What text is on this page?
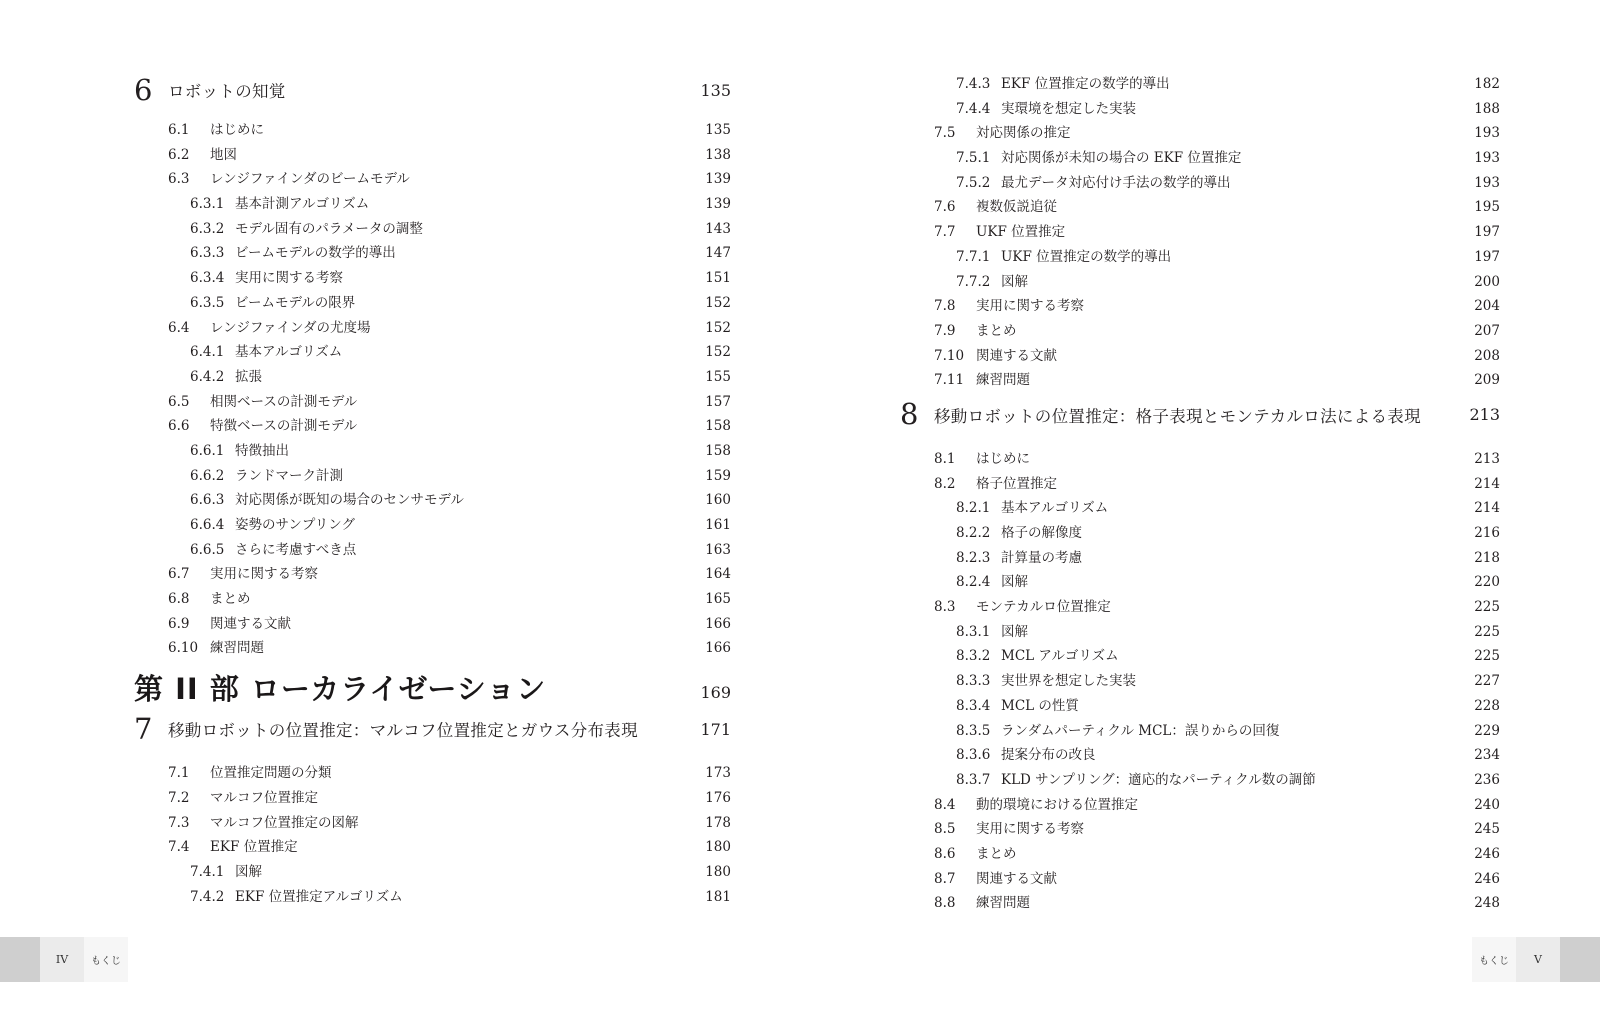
6 ロボットの知覚	135
6.1	はじめに	135
6.2	地図	138
6.3	レンジファインダのビームモデル	139
6.3.1 基本計測アルゴリズム	139
6.3.2 モデル固有のパラメータの調整	143
6.3.3 ビームモデルの数学的導出	147
6.3.4 実用に関する考察	151
6.3.5 ビームモデルの限界	152
6.4	レンジファインダの尤度場	152
6.4.1 基本アルゴリズム	152
6.4.2 拡張	155
6.5	相関ベースの計測モデル	157
6.6	特徴ベースの計測モデル	158
6.6.1 特徴抽出	158
6.6.2 ランドマーク計測	159
6.6.3 対応関係が既知の場合のセンサモデル	160
6.6.4 姿勢のサンプリング	161
6.6.5 さらに考慮すべき点	163
6.7	実用に関する考察	164
6.8	まとめ	165
6.9	関連する文献	166
6.10 練習問題	166
第 II 部 ローカライゼーション	169
7 移動ロボットの位置推定：マルコフ位置推定とガウス分布表現	171
7.1	位置推定問題の分類	173
7.2	マルコフ位置推定	176
7.3	マルコフ位置推定の図解	178
7.4	EKF 位置推定	180
7.4.1 図解	180
7.4.2 EKF 位置推定アルゴリズム	181
IV	もくじ
7.4.3 EKF 位置推定の数学的導出	182
7.4.4 実環境を想定した実装	188
7.5	対応関係の推定	193
7.5.1 対応関係が未知の場合の EKF 位置推定	193
7.5.2 最尤データ対応付け手法の数学的導出	193
7.6	複数仮説追従	195
7.7	UKF 位置推定	197
7.7.1 UKF 位置推定の数学的導出	197
7.7.2 図解	200
7.8	実用に関する考察	204
7.9	まとめ	207
7.10 関連する文献	208
7.11 練習問題	209
8 移動ロボットの位置推定：格子表現とモンテカルロ法による表現	213
8.1	はじめに	213
8.2	格子位置推定	214
8.2.1 基本アルゴリズム	214
8.2.2 格子の解像度	216
8.2.3 計算量の考慮	218
8.2.4 図解	220
8.3	モンテカルロ位置推定	225
8.3.1 図解	225
8.3.2 MCL アルゴリズム	225
8.3.3 実世界を想定した実装	227
8.3.4 MCL の性質	228
8.3.5 ランダムパーティクル MCL：誤りからの回復	229
8.3.6 提案分布の改良	234
8.3.7 KLD サンプリング：適応的なパーティクル数の調節	236
8.4	動的環境における位置推定	240
8.5	実用に関する考察	245
8.6	まとめ	246
8.7	関連する文献	246
8.8	練習問題	248
もくじ	V
